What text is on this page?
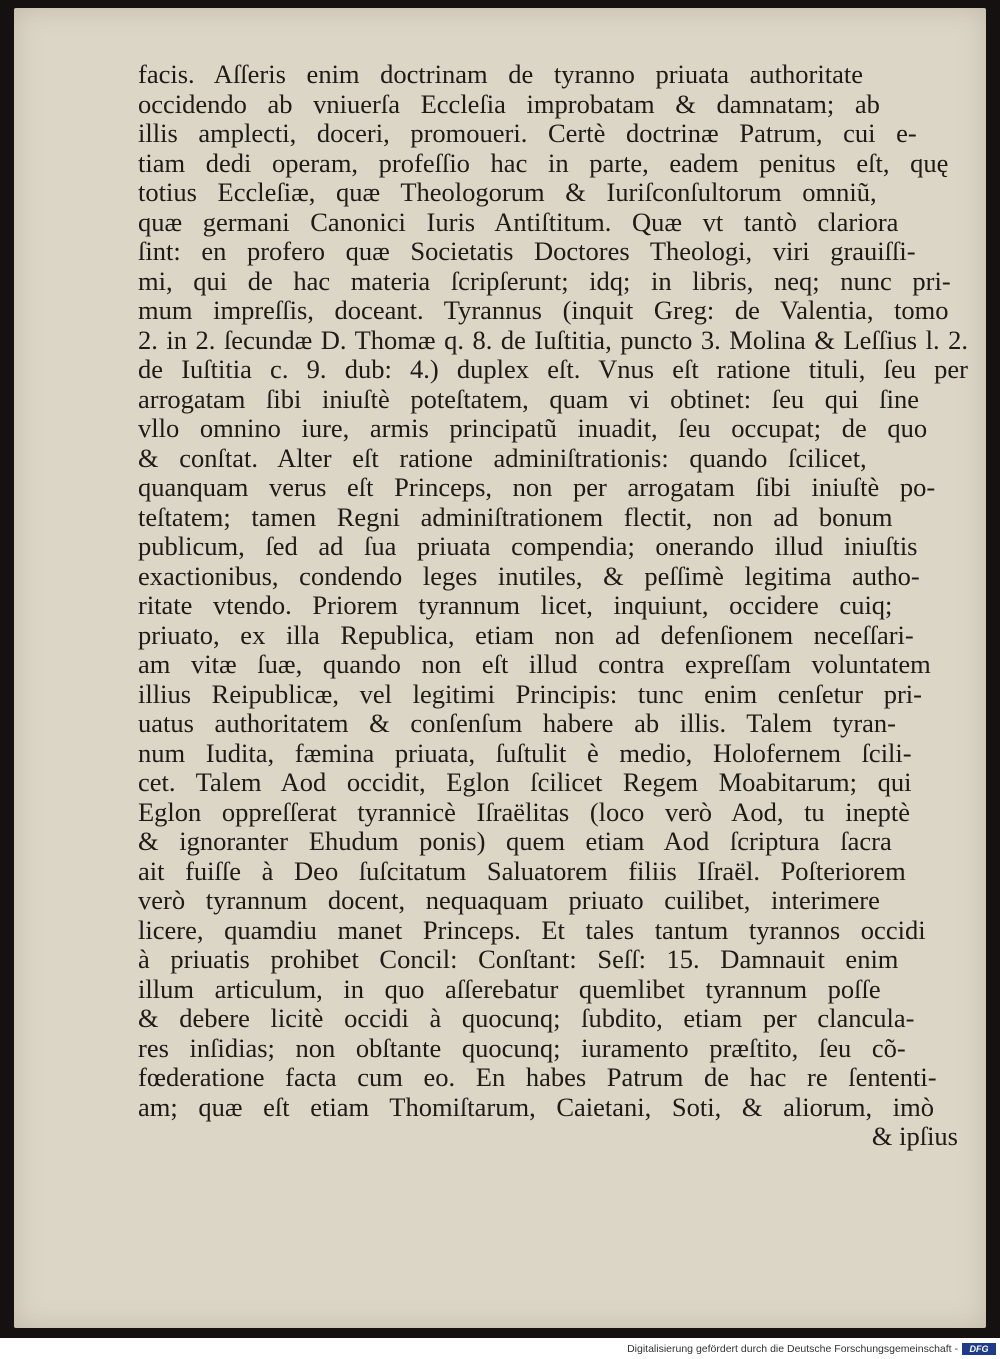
facis. Aſſeris enim doctrinam de tyranno priuata authoritate
occidendo ab vniuerſa Eccleſia improbatam & damnatam; ab
illis amplecti, doceri, promoueri. Certè doctrinæ Patrum, cui e-
tiam dedi operam, profeſſio hac in parte, eadem penitus eſt, quę
totius Eccleſiæ, quæ Theologorum & Iuriſconſultorum omniũ,
quæ germani Canonici Iuris Antiſtitum. Quæ vt tantò clariora
ſint: en profero quæ Societatis Doctores Theologi, viri grauiſſi-
mi, qui de hac materia ſcripſerunt; idq; in libris, neq; nunc pri-
mum impreſſis, doceant. Tyrannus (inquit Greg: de Valentia, tomo
2. in 2. ſecundæ D. Thomæ q. 8. de Iuſtitia, puncto 3. Molina & Leſſius l. 2.
de Iuſtitia c. 9. dub: 4.) duplex eſt. Vnus eſt ratione tituli, ſeu per
arrogatam ſibi iniuſtè poteſtatem, quam vi obtinet: ſeu qui ſine
vllo omnino iure, armis principatũ inuadit, ſeu occupat; de quo
& conſtat. Alter eſt ratione adminiſtrationis: quando ſcilicet,
quanquam verus eſt Princeps, non per arrogatam ſibi iniuſtè po-
teſtatem; tamen Regni adminiſtrationem flectit, non ad bonum
publicum, ſed ad ſua priuata compendia; onerando illud iniuſtis
exactionibus, condendo leges inutiles, & peſſimè legitima autho-
ritate vtendo. Priorem tyrannum licet, inquiunt, occidere cuiq;
priuato, ex illa Republica, etiam non ad defenſionem neceſſari-
am vitæ ſuæ, quando non eſt illud contra expreſſam voluntatem
illius Reipublicæ, vel legitimi Principis: tunc enim cenſetur pri-
uatus authoritatem & conſenſum habere ab illis. Talem tyran-
num Iudita, fæmina priuata, ſuſtulit è medio, Holofernem ſcili-
cet. Talem Aod occidit, Eglon ſcilicet Regem Moabitarum; qui
Eglon oppreſſerat tyrannicè Iſraëlitas (loco verò Aod, tu ineptè
& ignoranter Ehudum ponis) quem etiam Aod ſcriptura ſacra
ait fuiſſe à Deo ſuſcitatum Saluatorem filiis Iſraël. Poſteriorem
verò tyrannum docent, nequaquam priuato cuilibet, interimere
licere, quamdiu manet Princeps. Et tales tantum tyrannos occidi
à priuatis prohibet Concil: Conſtant: Seſſ: 15. Damnauit enim
illum articulum, in quo aſſerebatur quemlibet tyrannum poſſe
& debere licitè occidi à quocunq; ſubdito, etiam per clancula-
res inſidias; non obſtante quocunq; iuramento præſtito, ſeu cõ-
fœderatione facta cum eo. En habes Patrum de hac re ſententi-
am; quæ eſt etiam Thomiſtarum, Caietani, Soti, & aliorum, imò
& ipſius
Digitalisierung gefördert durch die Deutsche Forschungsgemeinschaft -	DFG
